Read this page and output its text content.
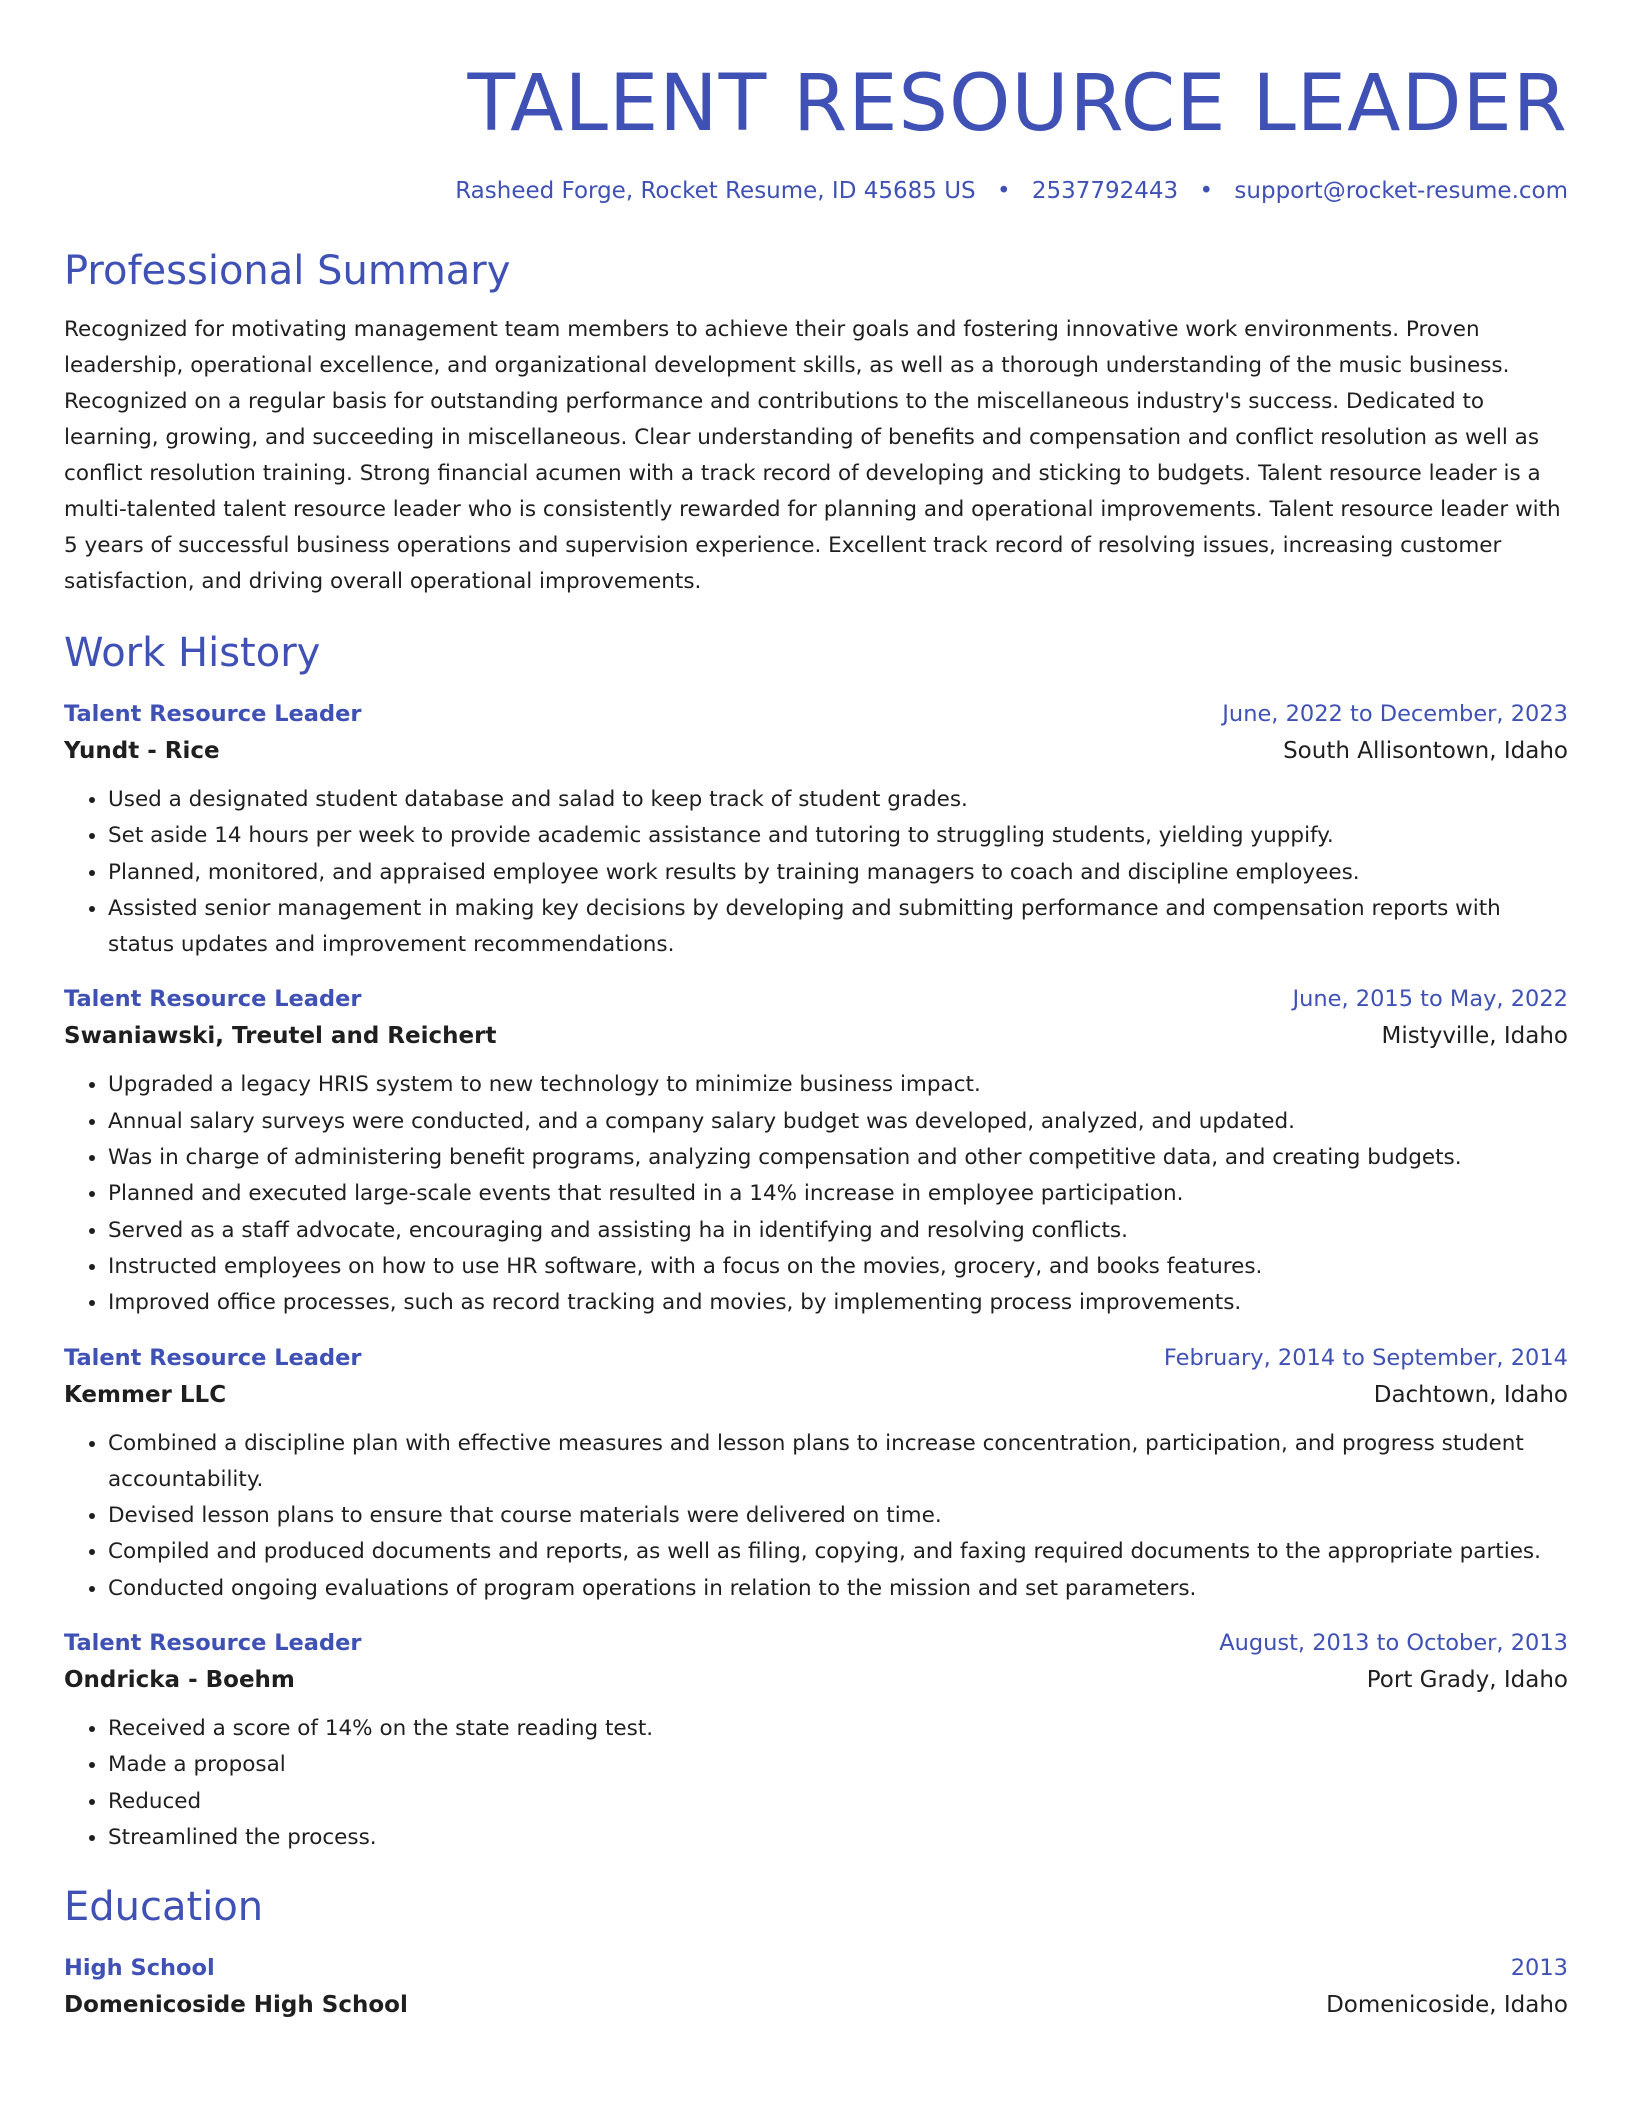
TALENT RESOURCE LEADER
Rasheed Forge, Rocket Resume, ID 45685 US • 2537792443 • support@rocket-resume.com
Professional Summary

Recognized for motivating management team members to achieve their goals and fostering innovative work environments. Proven leadership, operational excellence, and organizational development skills, as well as a thorough understanding of the music business. Recognized on a regular basis for outstanding performance and contributions to the miscellaneous industry's success. Dedicated to learning, growing, and succeeding in miscellaneous. Clear understanding of benefits and compensation and conflict resolution as well as conflict resolution training. Strong financial acumen with a track record of developing and sticking to budgets. Talent resource leader is a multi-talented talent resource leader who is consistently rewarded for planning and operational improvements. Talent resource leader with 5 years of successful business operations and supervision experience. Excellent track record of resolving issues, increasing customer satisfaction, and driving overall operational improvements.

Work History
Talent Resource Leader	June, 2022 to December, 2023
Yundt - Rice	South Allisontown, Idaho
• Used a designated student database and salad to keep track of student grades.
• Set aside 14 hours per week to provide academic assistance and tutoring to struggling students, yielding yuppify.
• Planned, monitored, and appraised employee work results by training managers to coach and discipline employees.
• Assisted senior management in making key decisions by developing and submitting performance and compensation reports with status updates and improvement recommendations.
Talent Resource Leader	June, 2015 to May, 2022
Swaniawski, Treutel and Reichert	Mistyville, Idaho
• Upgraded a legacy HRIS system to new technology to minimize business impact.
• Annual salary surveys were conducted, and a company salary budget was developed, analyzed, and updated.
• Was in charge of administering benefit programs, analyzing compensation and other competitive data, and creating budgets.
• Planned and executed large-scale events that resulted in a 14% increase in employee participation.
• Served as a staff advocate, encouraging and assisting ha in identifying and resolving conflicts.
• Instructed employees on how to use HR software, with a focus on the movies, grocery, and books features.
• Improved office processes, such as record tracking and movies, by implementing process improvements.
Talent Resource Leader	February, 2014 to September, 2014
Kemmer LLC	Dachtown, Idaho
• Combined a discipline plan with effective measures and lesson plans to increase concentration, participation, and progress student accountability.
• Devised lesson plans to ensure that course materials were delivered on time.
• Compiled and produced documents and reports, as well as filing, copying, and faxing required documents to the appropriate parties.
• Conducted ongoing evaluations of program operations in relation to the mission and set parameters.
Talent Resource Leader	August, 2013 to October, 2013
Ondricka - Boehm	Port Grady, Idaho
• Received a score of 14% on the state reading test.
• Made a proposal
• Reduced
• Streamlined the process.
Education
High School	2013
Domenicoside High School	Domenicoside, Idaho
